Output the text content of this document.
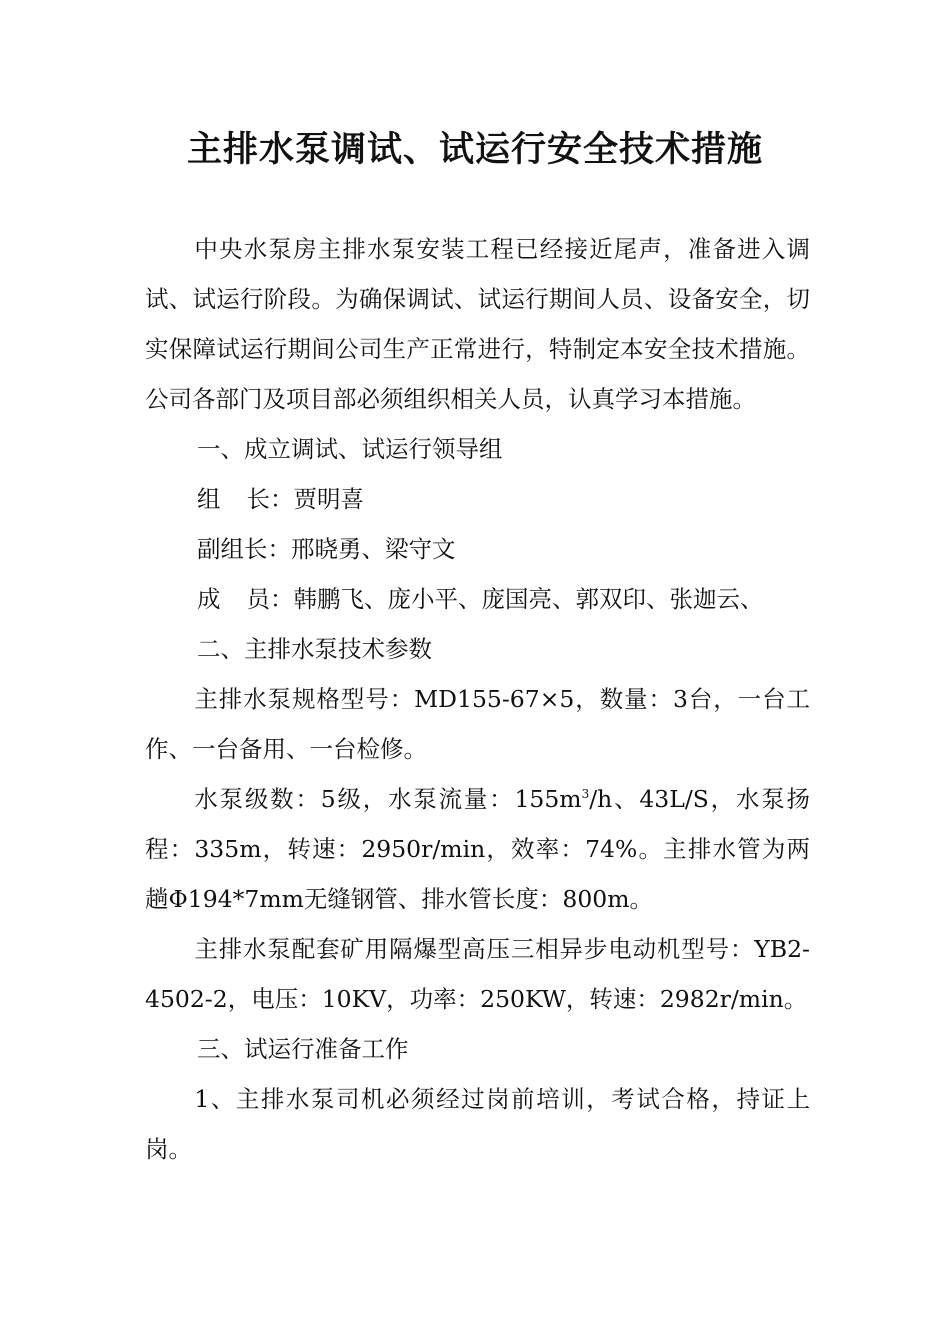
主排水泵调试、试运行安全技术措施

中央水泵房主排水泵安装工程已经接近尾声，准备进入调试、试运行阶段。为确保调试、试运行期间人员、设备安全，切实保障试运行期间公司生产正常进行，特制定本安全技术措施。公司各部门及项目部必须组织相关人员，认真学习本措施。

一、成立调试、试运行领导组

组 长：贾明喜

副组长：邢晓勇、梁守文

成 员：韩鹏飞、庞小平、庞国亮、郭双印、张迦云、

二、主排水泵技术参数

主排水泵规格型号：MD155-67×5，数量：3台，一台工作、一台备用、一台检修。

水泵级数：5级，水泵流量：$155m^3/h$、43L/S，水泵扬程：335m，转速：2950r/min，效率：74%。主排水管为两趟Φ194*7mm无缝钢管、排水管长度：800m。

主排水泵配套矿用隔爆型高压三相异步电动机型号：YB2-4502-2，电压：10KV，功率：250KW，转速：2982r/min。

三、试运行准备工作

1、主排水泵司机必须经过岗前培训，考试合格，持证上岗。
